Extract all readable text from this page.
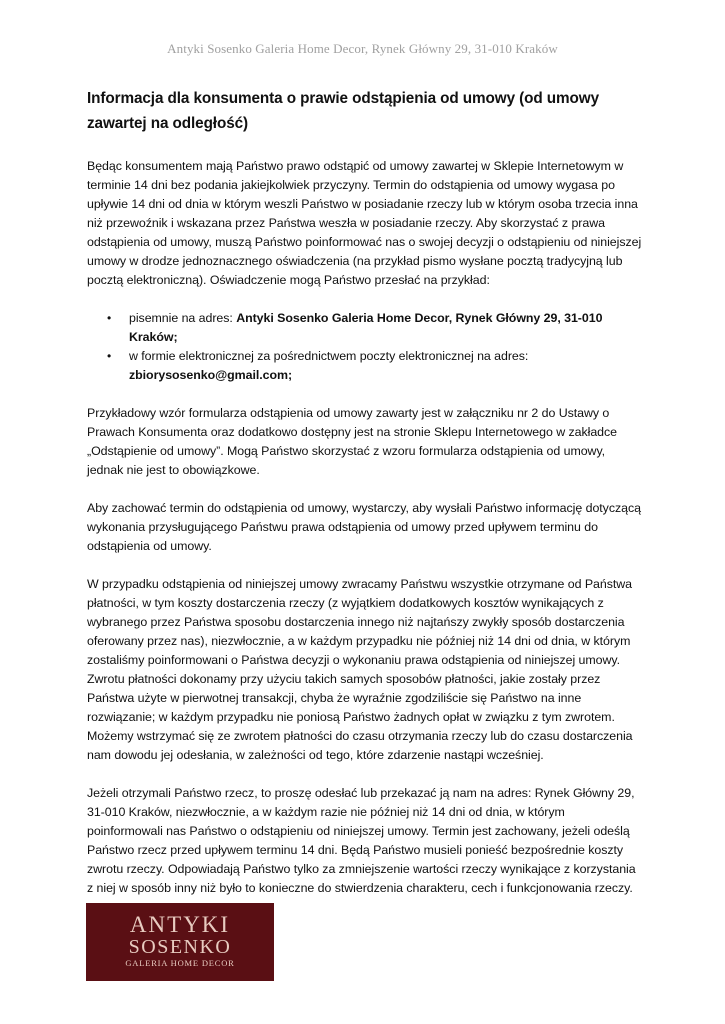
Antyki Sosenko Galeria Home Decor, Rynek Główny 29, 31-010 Kraków
Informacja dla konsumenta o prawie odstąpienia od umowy (od umowy zawartej na odległość)

Będąc konsumentem mają Państwo prawo odstąpić od umowy zawartej w Sklepie Internetowym w terminie 14 dni bez podania jakiejkolwiek przyczyny. Termin do odstąpienia od umowy wygasa po upływie 14 dni od dnia w którym weszli Państwo w posiadanie rzeczy lub w którym osoba trzecia inna niż przewoźnik i wskazana przez Państwa weszła w posiadanie rzeczy. Aby skorzystać z prawa odstąpienia od umowy, muszą Państwo poinformować nas o swojej decyzji o odstąpieniu od niniejszej umowy w drodze jednoznacznego oświadczenia (na przykład pismo wysłane pocztą tradycyjną lub pocztą elektroniczną). Oświadczenie mogą Państwo przesłać na przykład:

• pisemnie na adres: Antyki Sosenko Galeria Home Decor, Rynek Główny 29, 31-010 Kraków;
• w formie elektronicznej za pośrednictwem poczty elektronicznej na adres: zbiorysosenko@gmail.com;

Przykładowy wzór formularza odstąpienia od umowy zawarty jest w załączniku nr 2 do Ustawy o Prawach Konsumenta oraz dodatkowo dostępny jest na stronie Sklepu Internetowego w zakładce „Odstąpienie od umowy”. Mogą Państwo skorzystać z wzoru formularza odstąpienia od umowy, jednak nie jest to obowiązkowe.

Aby zachować termin do odstąpienia od umowy, wystarczy, aby wysłali Państwo informację dotyczącą wykonania przysługującego Państwu prawa odstąpienia od umowy przed upływem terminu do odstąpienia od umowy.

W przypadku odstąpienia od niniejszej umowy zwracamy Państwu wszystkie otrzymane od Państwa płatności, w tym koszty dostarczenia rzeczy (z wyjątkiem dodatkowych kosztów wynikających z wybranego przez Państwa sposobu dostarczenia innego niż najtańszy zwykły sposób dostarczenia oferowany przez nas), niezwłocznie, a w każdym przypadku nie później niż 14 dni od dnia, w którym zostaliśmy poinformowani o Państwa decyzji o wykonaniu prawa odstąpienia od niniejszej umowy. Zwrotu płatności dokonamy przy użyciu takich samych sposobów płatności, jakie zostały przez Państwa użyte w pierwotnej transakcji, chyba że wyraźnie zgodziliście się Państwo na inne rozwiązanie; w każdym przypadku nie poniosą Państwo żadnych opłat w związku z tym zwrotem. Możemy wstrzymać się ze zwrotem płatności do czasu otrzymania rzeczy lub do czasu dostarczenia nam dowodu jej odesłania, w zależności od tego, które zdarzenie nastąpi wcześniej.

Jeżeli otrzymali Państwo rzecz, to proszę odesłać lub przekazać ją nam na adres: Rynek Główny 29, 31-010 Kraków, niezwłocznie, a w każdym razie nie później niż 14 dni od dnia, w którym poinformowali nas Państwo o odstąpieniu od niniejszej umowy. Termin jest zachowany, jeżeli odeślą Państwo rzecz przed upływem terminu 14 dni. Będą Państwo musieli ponieść bezpośrednie koszty zwrotu rzeczy. Odpowiadają Państwo tylko za zmniejszenie wartości rzeczy wynikające z korzystania z niej w sposób inny niż było to konieczne do stwierdzenia charakteru, cech i funkcjonowania rzeczy.

ANTYKI
SOSENKO
GALERIA HOME DECOR
